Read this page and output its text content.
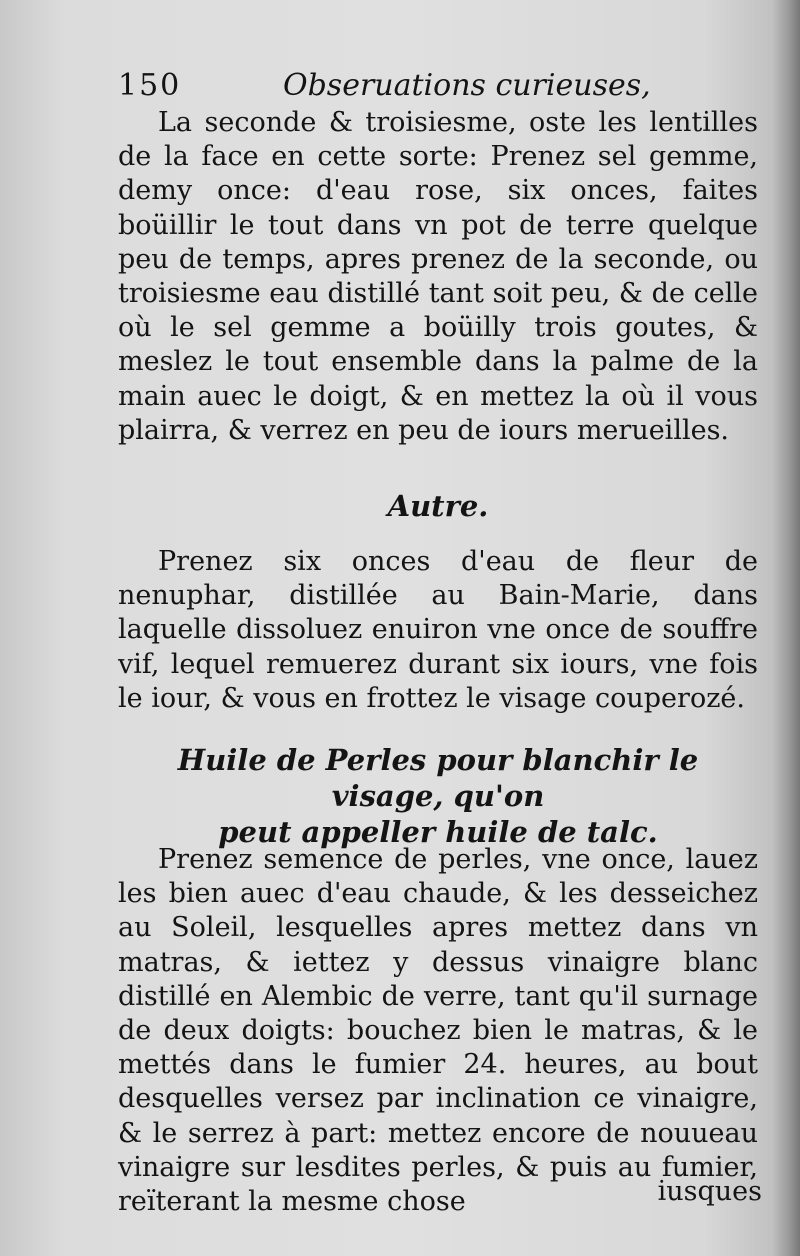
150	Obseruations curieuses,

La seconde & troisiesme, oste les lentilles de la face en cette sorte: Prenez sel gemme, demy once: d'eau rose, six onces, faites boüillir le tout dans vn pot de terre quelque peu de temps, apres prenez de la seconde, ou troisiesme eau distillé tant soit peu, & de celle où le sel gemme a boüilly trois goutes, & meslez le tout ensemble dans la palme de la main auec le doigt, & en mettez la où il vous plairra, & verrez en peu de iours merueilles.

Autre.

Prenez six onces d'eau de fleur de nenuphar, distillée au Bain-Marie, dans laquelle dissoluez enuiron vne once de souffre vif, lequel remuerez durant six iours, vne fois le iour, & vous en frottez le visage couperozé.

Huile de Perles pour blanchir le visage, qu'on
peut appeller huile de talc.

Prenez semence de perles, vne once, lauez les bien auec d'eau chaude, & les desseichez au Soleil, lesquelles apres mettez dans vn matras, & iettez y dessus vinaigre blanc distillé en Alembic de verre, tant qu'il surnage de deux doigts: bouchez bien le matras, & le mettés dans le fumier 24. heures, au bout desquelles versez par inclination ce vinaigre, & le serrez à part: mettez encore de nouueau vinaigre sur lesdites perles, & puis au fumier, reïterant la mesme chose	iusques
